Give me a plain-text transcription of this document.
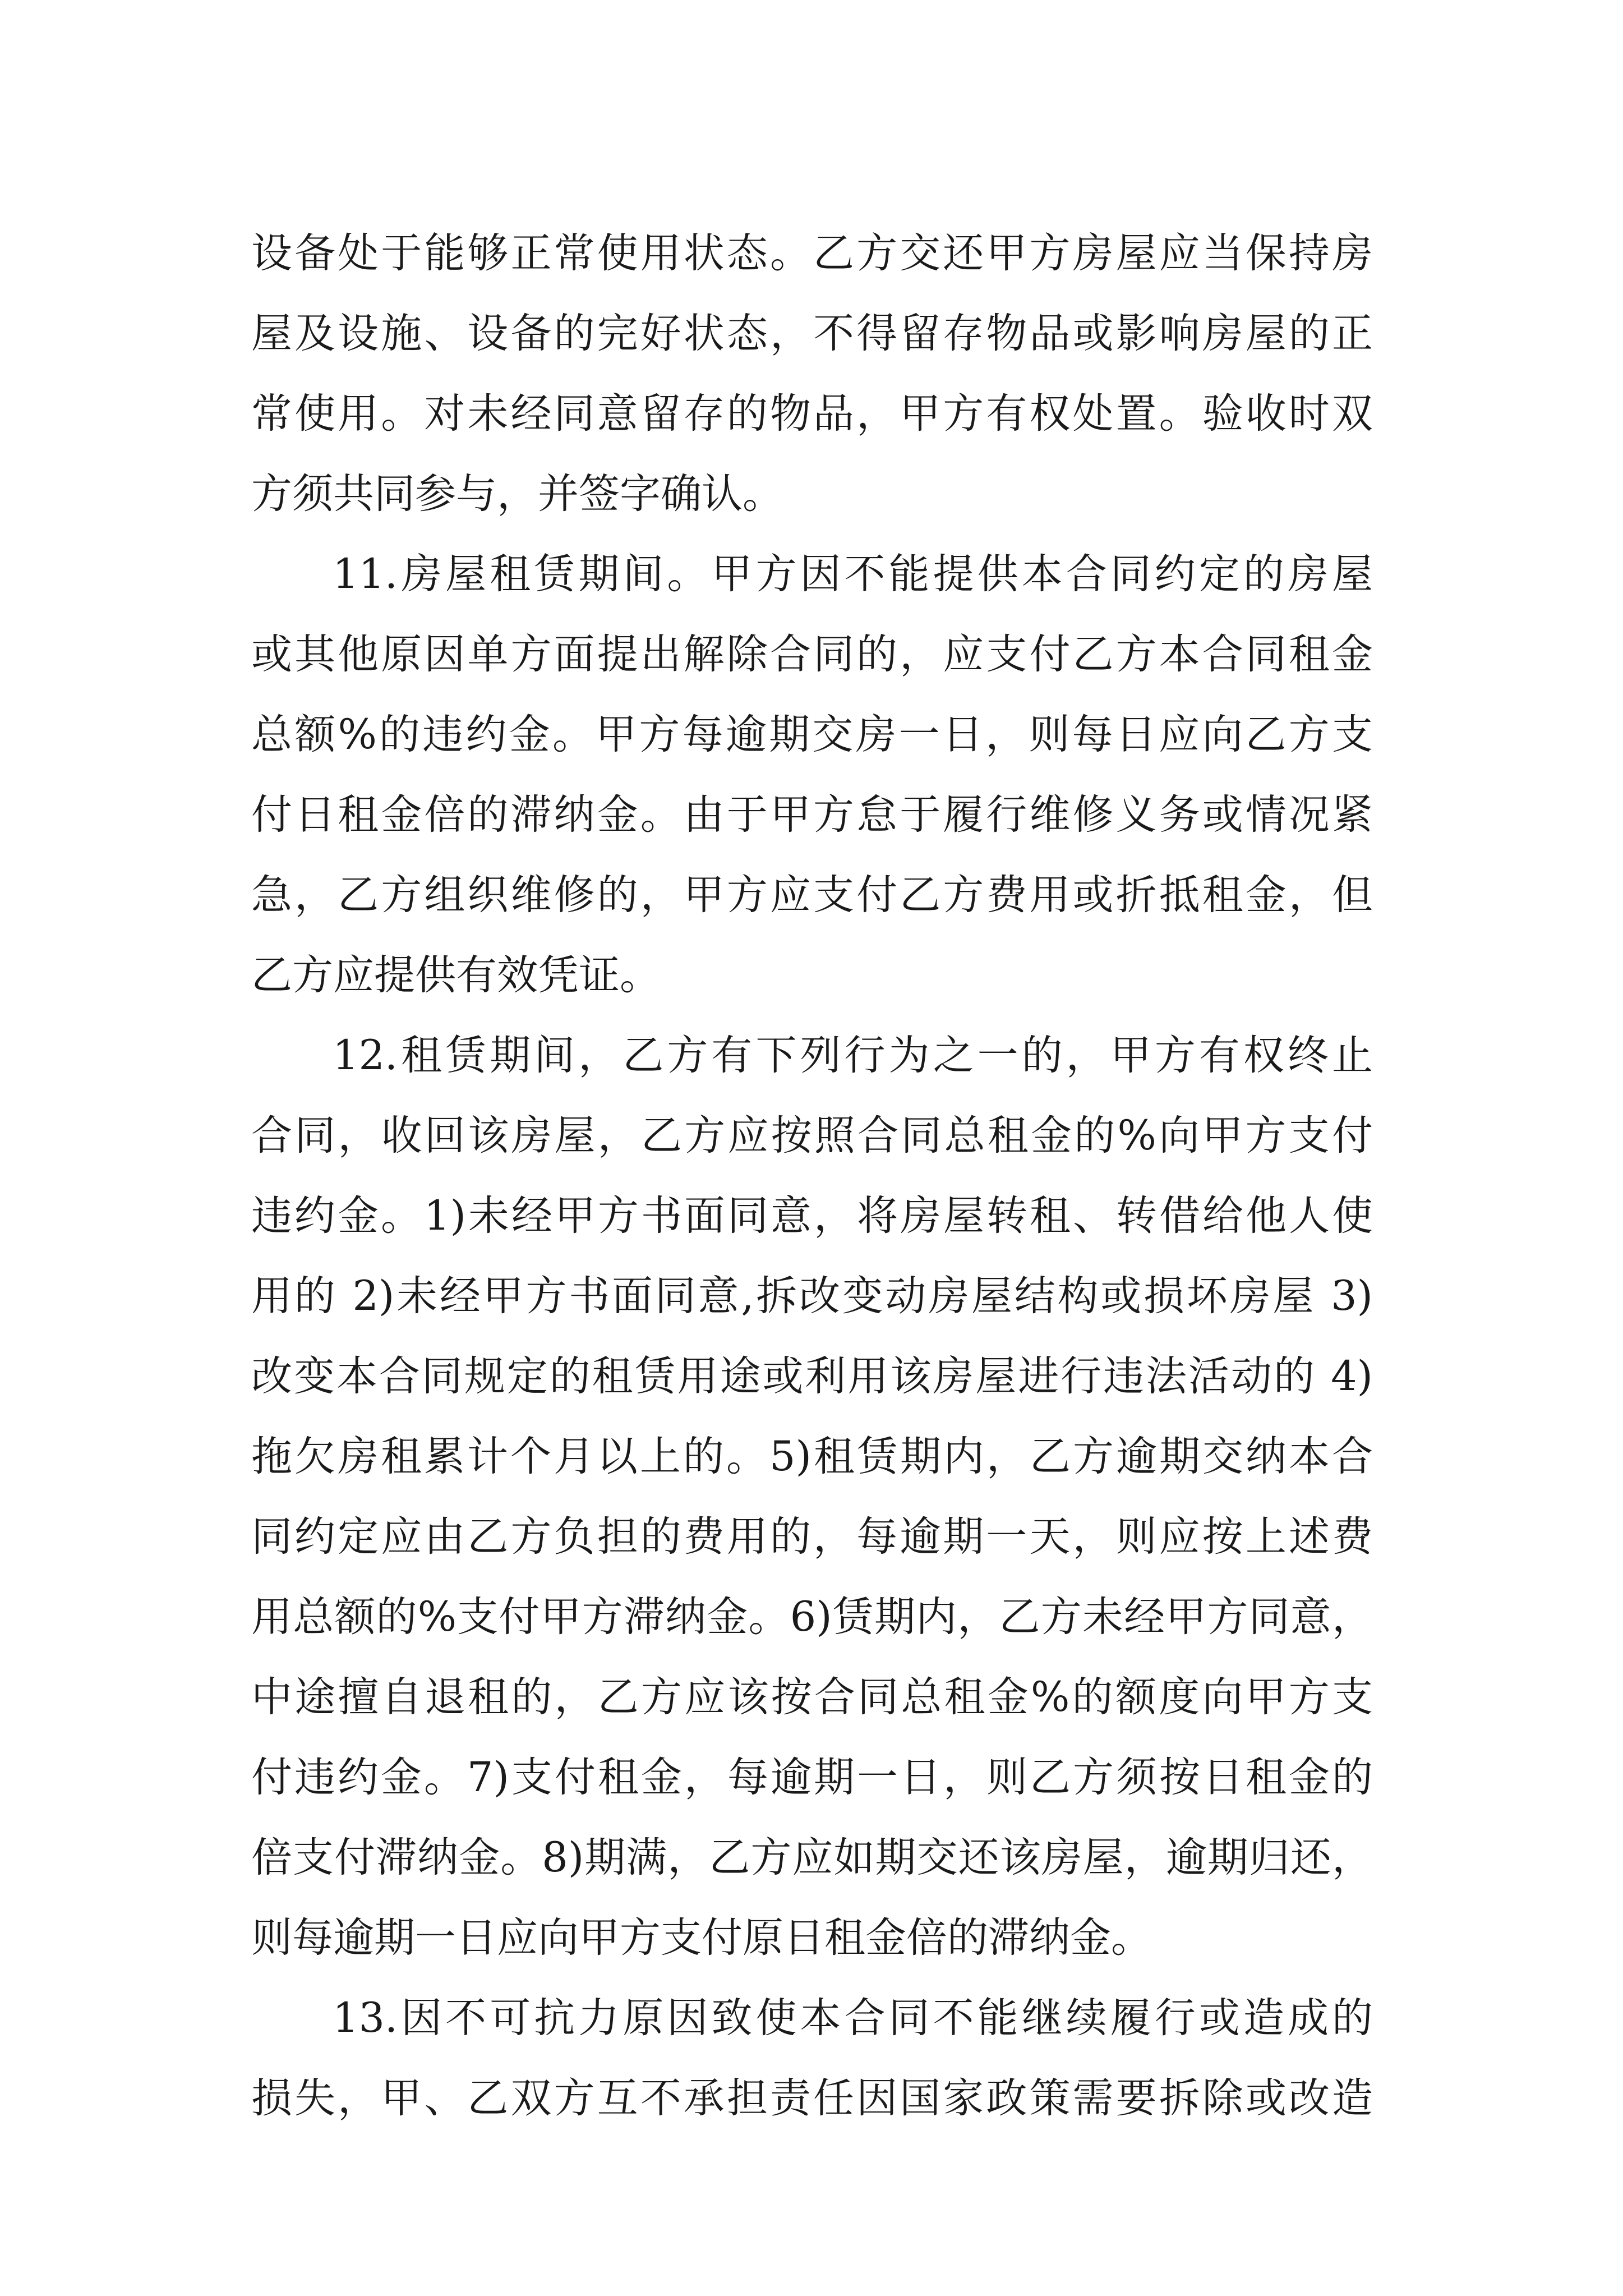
设备处于能够正常使用状态。乙方交还甲方房屋应当保持房
屋及设施、设备的完好状态，不得留存物品或影响房屋的正
常使用。对未经同意留存的物品，甲方有权处置。验收时双
方须共同参与，并签字确认。
11.房屋租赁期间。甲方因不能提供本合同约定的房屋
或其他原因单方面提出解除合同的，应支付乙方本合同租金
总额%的违约金。甲方每逾期交房一日，则每日应向乙方支
付日租金倍的滞纳金。由于甲方怠于履行维修义务或情况紧
急，乙方组织维修的，甲方应支付乙方费用或折抵租金，但
乙方应提供有效凭证。
12.租赁期间，乙方有下列行为之一的，甲方有权终止
合同，收回该房屋，乙方应按照合同总租金的%向甲方支付
违约金。1)未经甲方书面同意，将房屋转租、转借给他人使
用的 2)未经甲方书面同意,拆改变动房屋结构或损坏房屋 3)
改变本合同规定的租赁用途或利用该房屋进行违法活动的 4)
拖欠房租累计个月以上的。5)租赁期内，乙方逾期交纳本合
同约定应由乙方负担的费用的，每逾期一天，则应按上述费
用总额的%支付甲方滞纳金。6)赁期内，乙方未经甲方同意，
中途擅自退租的，乙方应该按合同总租金%的额度向甲方支
付违约金。7)支付租金，每逾期一日，则乙方须按日租金的
倍支付滞纳金。8)期满，乙方应如期交还该房屋，逾期归还，
则每逾期一日应向甲方支付原日租金倍的滞纳金。
13.因不可抗力原因致使本合同不能继续履行或造成的
损失，甲、乙双方互不承担责任因国家政策需要拆除或改造
